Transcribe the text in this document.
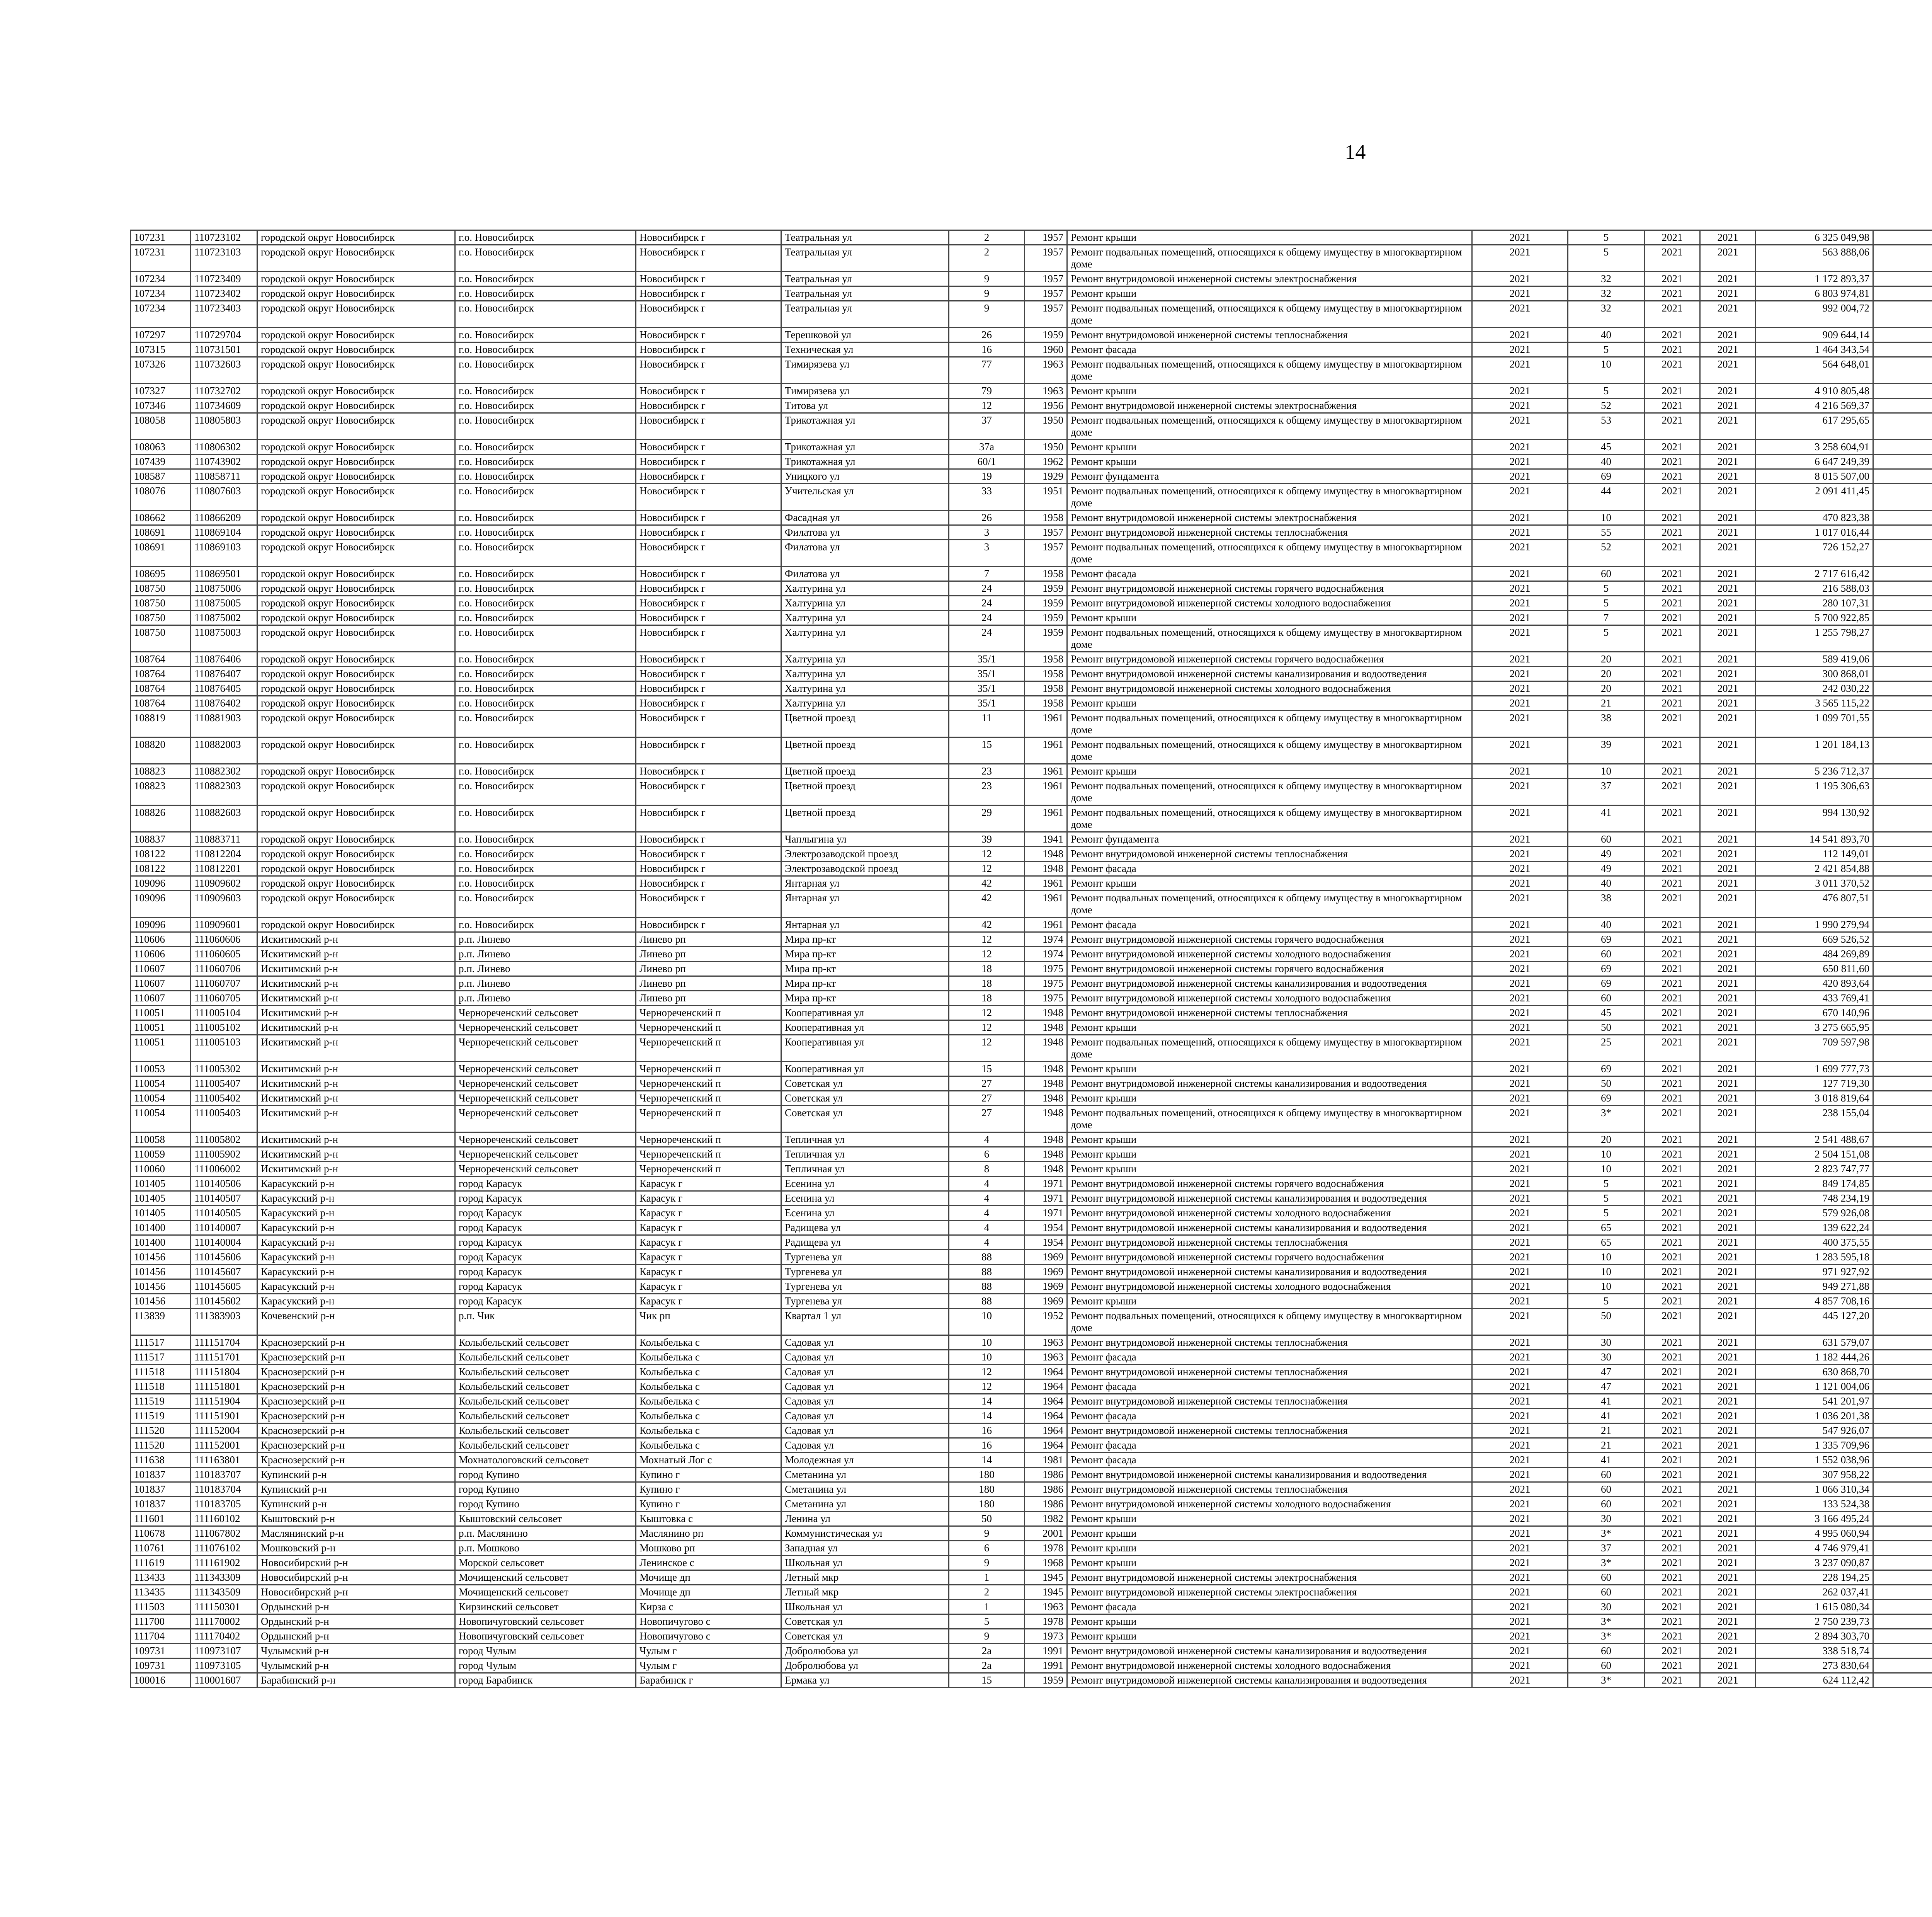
14
107231	110723102	городской округ Новосибирск	г.о. Новосибирск	Новосибирск г	Театральная ул	2	1957	Ремонт крыши	2021	5	2021	2021	6 325 049,98						
107231	110723103	городской округ Новосибирск	г.о. Новосибирск	Новосибирск г	Театральная ул	2	1957	Ремонт подвальных помещений, относящихся к общему имуществу в многоквартирном доме	2021	5	2021	2021	563 888,06						
107234	110723409	городской округ Новосибирск	г.о. Новосибирск	Новосибирск г	Театральная ул	9	1957	Ремонт внутридомовой инженерной системы электроснабжения	2021	32	2021	2021	1 172 893,37						
107234	110723402	городской округ Новосибирск	г.о. Новосибирск	Новосибирск г	Театральная ул	9	1957	Ремонт крыши	2021	32	2021	2021	6 803 974,81						
107234	110723403	городской округ Новосибирск	г.о. Новосибирск	Новосибирск г	Театральная ул	9	1957	Ремонт подвальных помещений, относящихся к общему имуществу в многоквартирном доме	2021	32	2021	2021	992 004,72						
107297	110729704	городской округ Новосибирск	г.о. Новосибирск	Новосибирск г	Терешковой ул	26	1959	Ремонт внутридомовой инженерной системы теплоснабжения	2021	40	2021	2021	909 644,14						
107315	110731501	городской округ Новосибирск	г.о. Новосибирск	Новосибирск г	Техническая ул	16	1960	Ремонт фасада	2021	5	2021	2021	1 464 343,54						
107326	110732603	городской округ Новосибирск	г.о. Новосибирск	Новосибирск г	Тимирязева ул	77	1963	Ремонт подвальных помещений, относящихся к общему имуществу в многоквартирном доме	2021	10	2021	2021	564 648,01						
107327	110732702	городской округ Новосибирск	г.о. Новосибирск	Новосибирск г	Тимирязева ул	79	1963	Ремонт крыши	2021	5	2021	2021	4 910 805,48						
107346	110734609	городской округ Новосибирск	г.о. Новосибирск	Новосибирск г	Титова ул	12	1956	Ремонт внутридомовой инженерной системы электроснабжения	2021	52	2021	2021	4 216 569,37						
108058	110805803	городской округ Новосибирск	г.о. Новосибирск	Новосибирск г	Трикотажная ул	37	1950	Ремонт подвальных помещений, относящихся к общему имуществу в многоквартирном доме	2021	53	2021	2021	617 295,65						
108063	110806302	городской округ Новосибирск	г.о. Новосибирск	Новосибирск г	Трикотажная ул	37а	1950	Ремонт крыши	2021	45	2021	2021	3 258 604,91						
107439	110743902	городской округ Новосибирск	г.о. Новосибирск	Новосибирск г	Трикотажная ул	60/1	1962	Ремонт крыши	2021	40	2021	2021	6 647 249,39						
108587	110858711	городской округ Новосибирск	г.о. Новосибирск	Новосибирск г	Уницкого ул	19	1929	Ремонт фундамента	2021	69	2021	2021	8 015 507,00						
108076	110807603	городской округ Новосибирск	г.о. Новосибирск	Новосибирск г	Учительская ул	33	1951	Ремонт подвальных помещений, относящихся к общему имуществу в многоквартирном доме	2021	44	2021	2021	2 091 411,45						
108662	110866209	городской округ Новосибирск	г.о. Новосибирск	Новосибирск г	Фасадная ул	26	1958	Ремонт внутридомовой инженерной системы электроснабжения	2021	10	2021	2021	470 823,38						
108691	110869104	городской округ Новосибирск	г.о. Новосибирск	Новосибирск г	Филатова ул	3	1957	Ремонт внутридомовой инженерной системы теплоснабжения	2021	55	2021	2021	1 017 016,44						
108691	110869103	городской округ Новосибирск	г.о. Новосибирск	Новосибирск г	Филатова ул	3	1957	Ремонт подвальных помещений, относящихся к общему имуществу в многоквартирном доме	2021	52	2021	2021	726 152,27						
108695	110869501	городской округ Новосибирск	г.о. Новосибирск	Новосибирск г	Филатова ул	7	1958	Ремонт фасада	2021	60	2021	2021	2 717 616,42						
108750	110875006	городской округ Новосибирск	г.о. Новосибирск	Новосибирск г	Халтурина ул	24	1959	Ремонт внутридомовой инженерной системы горячего водоснабжения	2021	5	2021	2021	216 588,03						
108750	110875005	городской округ Новосибирск	г.о. Новосибирск	Новосибирск г	Халтурина ул	24	1959	Ремонт внутридомовой инженерной системы холодного водоснабжения	2021	5	2021	2021	280 107,31						
108750	110875002	городской округ Новосибирск	г.о. Новосибирск	Новосибирск г	Халтурина ул	24	1959	Ремонт крыши	2021	7	2021	2021	5 700 922,85						
108750	110875003	городской округ Новосибирск	г.о. Новосибирск	Новосибирск г	Халтурина ул	24	1959	Ремонт подвальных помещений, относящихся к общему имуществу в многоквартирном доме	2021	5	2021	2021	1 255 798,27						
108764	110876406	городской округ Новосибирск	г.о. Новосибирск	Новосибирск г	Халтурина ул	35/1	1958	Ремонт внутридомовой инженерной системы горячего водоснабжения	2021	20	2021	2021	589 419,06						
108764	110876407	городской округ Новосибирск	г.о. Новосибирск	Новосибирск г	Халтурина ул	35/1	1958	Ремонт внутридомовой инженерной системы канализирования и водоотведения	2021	20	2021	2021	300 868,01						
108764	110876405	городской округ Новосибирск	г.о. Новосибирск	Новосибирск г	Халтурина ул	35/1	1958	Ремонт внутридомовой инженерной системы холодного водоснабжения	2021	20	2021	2021	242 030,22						
108764	110876402	городской округ Новосибирск	г.о. Новосибирск	Новосибирск г	Халтурина ул	35/1	1958	Ремонт крыши	2021	21	2021	2021	3 565 115,22						
108819	110881903	городской округ Новосибирск	г.о. Новосибирск	Новосибирск г	Цветной проезд	11	1961	Ремонт подвальных помещений, относящихся к общему имуществу в многоквартирном доме	2021	38	2021	2021	1 099 701,55						
108820	110882003	городской округ Новосибирск	г.о. Новосибирск	Новосибирск г	Цветной проезд	15	1961	Ремонт подвальных помещений, относящихся к общему имуществу в многоквартирном доме	2021	39	2021	2021	1 201 184,13						
108823	110882302	городской округ Новосибирск	г.о. Новосибирск	Новосибирск г	Цветной проезд	23	1961	Ремонт крыши	2021	10	2021	2021	5 236 712,37						
108823	110882303	городской округ Новосибирск	г.о. Новосибирск	Новосибирск г	Цветной проезд	23	1961	Ремонт подвальных помещений, относящихся к общему имуществу в многоквартирном доме	2021	37	2021	2021	1 195 306,63						
108826	110882603	городской округ Новосибирск	г.о. Новосибирск	Новосибирск г	Цветной проезд	29	1961	Ремонт подвальных помещений, относящихся к общему имуществу в многоквартирном доме	2021	41	2021	2021	994 130,92						
108837	110883711	городской округ Новосибирск	г.о. Новосибирск	Новосибирск г	Чаплыгина ул	39	1941	Ремонт фундамента	2021	60	2021	2021	14 541 893,70						
108122	110812204	городской округ Новосибирск	г.о. Новосибирск	Новосибирск г	Электрозаводской проезд	12	1948	Ремонт внутридомовой инженерной системы теплоснабжения	2021	49	2021	2021	112 149,01						
108122	110812201	городской округ Новосибирск	г.о. Новосибирск	Новосибирск г	Электрозаводской проезд	12	1948	Ремонт фасада	2021	49	2021	2021	2 421 854,88						
109096	110909602	городской округ Новосибирск	г.о. Новосибирск	Новосибирск г	Янтарная ул	42	1961	Ремонт крыши	2021	40	2021	2021	3 011 370,52						
109096	110909603	городской округ Новосибирск	г.о. Новосибирск	Новосибирск г	Янтарная ул	42	1961	Ремонт подвальных помещений, относящихся к общему имуществу в многоквартирном доме	2021	38	2021	2021	476 807,51						
109096	110909601	городской округ Новосибирск	г.о. Новосибирск	Новосибирск г	Янтарная ул	42	1961	Ремонт фасада	2021	40	2021	2021	1 990 279,94						
110606	111060606	Искитимский р-н	р.п. Линево	Линево рп	Мира пр-кт	12	1974	Ремонт внутридомовой инженерной системы горячего водоснабжения	2021	69	2021	2021	669 526,52						
110606	111060605	Искитимский р-н	р.п. Линево	Линево рп	Мира пр-кт	12	1974	Ремонт внутридомовой инженерной системы холодного водоснабжения	2021	60	2021	2021	484 269,89						
110607	111060706	Искитимский р-н	р.п. Линево	Линево рп	Мира пр-кт	18	1975	Ремонт внутридомовой инженерной системы горячего водоснабжения	2021	69	2021	2021	650 811,60						
110607	111060707	Искитимский р-н	р.п. Линево	Линево рп	Мира пр-кт	18	1975	Ремонт внутридомовой инженерной системы канализирования и водоотведения	2021	69	2021	2021	420 893,64						
110607	111060705	Искитимский р-н	р.п. Линево	Линево рп	Мира пр-кт	18	1975	Ремонт внутридомовой инженерной системы холодного водоснабжения	2021	60	2021	2021	433 769,41						
110051	111005104	Искитимский р-н	Чернореченский сельсовет	Чернореченский п	Кооперативная ул	12	1948	Ремонт внутридомовой инженерной системы теплоснабжения	2021	45	2021	2021	670 140,96						
110051	111005102	Искитимский р-н	Чернореченский сельсовет	Чернореченский п	Кооперативная ул	12	1948	Ремонт крыши	2021	50	2021	2021	3 275 665,95						
110051	111005103	Искитимский р-н	Чернореченский сельсовет	Чернореченский п	Кооперативная ул	12	1948	Ремонт подвальных помещений, относящихся к общему имуществу в многоквартирном доме	2021	25	2021	2021	709 597,98						
110053	111005302	Искитимский р-н	Чернореченский сельсовет	Чернореченский п	Кооперативная ул	15	1948	Ремонт крыши	2021	69	2021	2021	1 699 777,73						
110054	111005407	Искитимский р-н	Чернореченский сельсовет	Чернореченский п	Советская ул	27	1948	Ремонт внутридомовой инженерной системы канализирования и водоотведения	2021	50	2021	2021	127 719,30						
110054	111005402	Искитимский р-н	Чернореченский сельсовет	Чернореченский п	Советская ул	27	1948	Ремонт крыши	2021	69	2021	2021	3 018 819,64						
110054	111005403	Искитимский р-н	Чернореченский сельсовет	Чернореченский п	Советская ул	27	1948	Ремонт подвальных помещений, относящихся к общему имуществу в многоквартирном доме	2021	3*	2021	2021	238 155,04						
110058	111005802	Искитимский р-н	Чернореченский сельсовет	Чернореченский п	Тепличная ул	4	1948	Ремонт крыши	2021	20	2021	2021	2 541 488,67						
110059	111005902	Искитимский р-н	Чернореченский сельсовет	Чернореченский п	Тепличная ул	6	1948	Ремонт крыши	2021	10	2021	2021	2 504 151,08						
110060	111006002	Искитимский р-н	Чернореченский сельсовет	Чернореченский п	Тепличная ул	8	1948	Ремонт крыши	2021	10	2021	2021	2 823 747,77						
101405	110140506	Карасукский р-н	город Карасук	Карасук г	Есенина ул	4	1971	Ремонт внутридомовой инженерной системы горячего водоснабжения	2021	5	2021	2021	849 174,85						
101405	110140507	Карасукский р-н	город Карасук	Карасук г	Есенина ул	4	1971	Ремонт внутридомовой инженерной системы канализирования и водоотведения	2021	5	2021	2021	748 234,19						
101405	110140505	Карасукский р-н	город Карасук	Карасук г	Есенина ул	4	1971	Ремонт внутридомовой инженерной системы холодного водоснабжения	2021	5	2021	2021	579 926,08						
101400	110140007	Карасукский р-н	город Карасук	Карасук г	Радищева ул	4	1954	Ремонт внутридомовой инженерной системы канализирования и водоотведения	2021	65	2021	2021	139 622,24						
101400	110140004	Карасукский р-н	город Карасук	Карасук г	Радищева ул	4	1954	Ремонт внутридомовой инженерной системы теплоснабжения	2021	65	2021	2021	400 375,55						
101456	110145606	Карасукский р-н	город Карасук	Карасук г	Тургенева ул	88	1969	Ремонт внутридомовой инженерной системы горячего водоснабжения	2021	10	2021	2021	1 283 595,18						
101456	110145607	Карасукский р-н	город Карасук	Карасук г	Тургенева ул	88	1969	Ремонт внутридомовой инженерной системы канализирования и водоотведения	2021	10	2021	2021	971 927,92						
101456	110145605	Карасукский р-н	город Карасук	Карасук г	Тургенева ул	88	1969	Ремонт внутридомовой инженерной системы холодного водоснабжения	2021	10	2021	2021	949 271,88						
101456	110145602	Карасукский р-н	город Карасук	Карасук г	Тургенева ул	88	1969	Ремонт крыши	2021	5	2021	2021	4 857 708,16						
113839	111383903	Кочевенский р-н	р.п. Чик	Чик рп	Квартал 1 ул	10	1952	Ремонт подвальных помещений, относящихся к общему имуществу в многоквартирном доме	2021	50	2021	2021	445 127,20						
111517	111151704	Краснозерский р-н	Колыбельский сельсовет	Колыбелька с	Садовая ул	10	1963	Ремонт внутридомовой инженерной системы теплоснабжения	2021	30	2021	2021	631 579,07						
111517	111151701	Краснозерский р-н	Колыбельский сельсовет	Колыбелька с	Садовая ул	10	1963	Ремонт фасада	2021	30	2021	2021	1 182 444,26						
111518	111151804	Краснозерский р-н	Колыбельский сельсовет	Колыбелька с	Садовая ул	12	1964	Ремонт внутридомовой инженерной системы теплоснабжения	2021	47	2021	2021	630 868,70						
111518	111151801	Краснозерский р-н	Колыбельский сельсовет	Колыбелька с	Садовая ул	12	1964	Ремонт фасада	2021	47	2021	2021	1 121 004,06						
111519	111151904	Краснозерский р-н	Колыбельский сельсовет	Колыбелька с	Садовая ул	14	1964	Ремонт внутридомовой инженерной системы теплоснабжения	2021	41	2021	2021	541 201,97						
111519	111151901	Краснозерский р-н	Колыбельский сельсовет	Колыбелька с	Садовая ул	14	1964	Ремонт фасада	2021	41	2021	2021	1 036 201,38						
111520	111152004	Краснозерский р-н	Колыбельский сельсовет	Колыбелька с	Садовая ул	16	1964	Ремонт внутридомовой инженерной системы теплоснабжения	2021	21	2021	2021	547 926,07						
111520	111152001	Краснозерский р-н	Колыбельский сельсовет	Колыбелька с	Садовая ул	16	1964	Ремонт фасада	2021	21	2021	2021	1 335 709,96						
111638	111163801	Краснозерский р-н	Мохнатологовский сельсовет	Мохнатый Лог с	Молодежная ул	14	1981	Ремонт фасада	2021	41	2021	2021	1 552 038,96						
101837	110183707	Купинский р-н	город Купино	Купино г	Сметанина ул	180	1986	Ремонт внутридомовой инженерной системы канализирования и водоотведения	2021	60	2021	2021	307 958,22						
101837	110183704	Купинский р-н	город Купино	Купино г	Сметанина ул	180	1986	Ремонт внутридомовой инженерной системы теплоснабжения	2021	60	2021	2021	1 066 310,34						
101837	110183705	Купинский р-н	город Купино	Купино г	Сметанина ул	180	1986	Ремонт внутридомовой инженерной системы холодного водоснабжения	2021	60	2021	2021	133 524,38						
111601	111160102	Кыштовский р-н	Кыштовский сельсовет	Кыштовка с	Ленина ул	50	1982	Ремонт крыши	2021	30	2021	2021	3 166 495,24						
110678	111067802	Маслянинский р-н	р.п. Маслянино	Маслянино рп	Коммунистическая ул	9	2001	Ремонт крыши	2021	3*	2021	2021	4 995 060,94						
110761	111076102	Мошковский р-н	р.п. Мошково	Мошково рп	Западная ул	6	1978	Ремонт крыши	2021	37	2021	2021	4 746 979,41						
111619	111161902	Новосибирский р-н	Морской сельсовет	Ленинское с	Школьная ул	9	1968	Ремонт крыши	2021	3*	2021	2021	3 237 090,87						
113433	111343309	Новосибирский р-н	Мочищенский сельсовет	Мочище дп	Летный мкр	1	1945	Ремонт внутридомовой инженерной системы электроснабжения	2021	60	2021	2021	228 194,25						
113435	111343509	Новосибирский р-н	Мочищенский сельсовет	Мочище дп	Летный мкр	2	1945	Ремонт внутридомовой инженерной системы электроснабжения	2021	60	2021	2021	262 037,41						
111503	111150301	Ордынский р-н	Кирзинский сельсовет	Кирза с	Школьная ул	1	1963	Ремонт фасада	2021	30	2021	2021	1 615 080,34						
111700	111170002	Ордынский р-н	Новопичуговский сельсовет	Новопичугово с	Советская ул	5	1978	Ремонт крыши	2021	3*	2021	2021	2 750 239,73						
111704	111170402	Ордынский р-н	Новопичуговский сельсовет	Новопичугово с	Советская ул	9	1973	Ремонт крыши	2021	3*	2021	2021	2 894 303,70						
109731	110973107	Чулымский р-н	город Чулым	Чулым г	Добролюбова ул	2а	1991	Ремонт внутридомовой инженерной системы канализирования и водоотведения	2021	60	2021	2021	338 518,74						
109731	110973105	Чулымский р-н	город Чулым	Чулым г	Добролюбова ул	2а	1991	Ремонт внутридомовой инженерной системы холодного водоснабжения	2021	60	2021	2021	273 830,64						
100016	110001607	Барабинский р-н	город Барабинск	Барабинск г	Ермака ул	15	1959	Ремонт внутридомовой инженерной системы канализирования и водоотведения	2021	3*	2021	2021	624 112,42						
